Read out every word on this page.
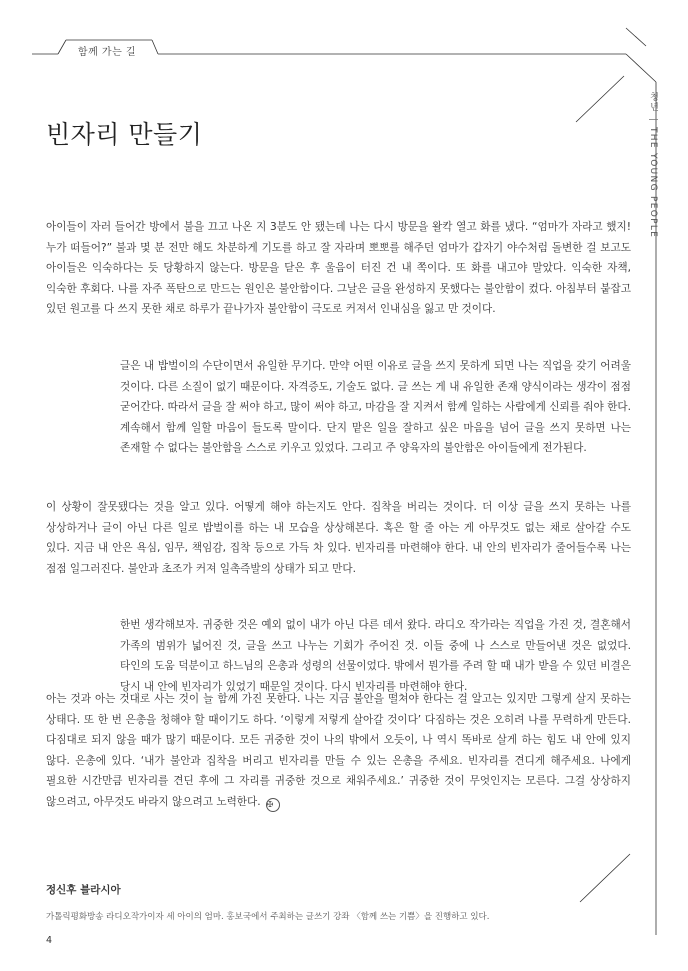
함께 가는 길
청년|THE YOUNG PEOPLE
빈자리 만들기

아이들이 자러 들어간 방에서 불을 끄고 나온 지 3분도 안 됐는데 나는 다시 방문을 왈칵 열고 화를 냈다. “엄마가 자라고 했지! 누가 떠들어?” 불과 몇 분 전만 해도 차분하게 기도를 하고 잘 자라며 뽀뽀를 해주던 엄마가 갑자기 야수처럼 돌변한 걸 보고도 아이들은 익숙하다는 듯 당황하지 않는다. 방문을 닫은 후 울음이 터진 건 내 쪽이다. 또 화를 내고야 말았다. 익숙한 자책, 익숙한 후회다. 나를 자주 폭탄으로 만드는 원인은 불안함이다. 그날은 글을 완성하지 못했다는 불안함이 컸다. 아침부터 붙잡고 있던 원고를 다 쓰지 못한 채로 하루가 끝나가자 불안함이 극도로 커져서 인내심을 잃고 만 것이다.

글은 내 밥벌이의 수단이면서 유일한 무기다. 만약 어떤 이유로 글을 쓰지 못하게 되면 나는 직업을 갖기 어려울 것이다. 다른 소질이 없기 때문이다. 자격증도, 기술도 없다. 글 쓰는 게 내 유일한 존재 양식이라는 생각이 점점 굳어간다. 따라서 글을 잘 써야 하고, 많이 써야 하고, 마감을 잘 지켜서 함께 일하는 사람에게 신뢰를 줘야 한다. 계속해서 함께 일할 마음이 들도록 말이다. 단지 맡은 일을 잘하고 싶은 마음을 넘어 글을 쓰지 못하면 나는 존재할 수 없다는 불안함을 스스로 키우고 있었다. 그리고 주 양육자의 불안함은 아이들에게 전가된다.

이 상황이 잘못됐다는 것을 알고 있다. 어떻게 해야 하는지도 안다. 집착을 버리는 것이다. 더 이상 글을 쓰지 못하는 나를 상상하거나 글이 아닌 다른 일로 밥벌이를 하는 내 모습을 상상해본다. 혹은 할 줄 아는 게 아무것도 없는 채로 살아갈 수도 있다. 지금 내 안은 욕심, 임무, 책임감, 집착 등으로 가득 차 있다. 빈자리를 마련해야 한다. 내 안의 빈자리가 줄어들수록 나는 점점 일그러진다. 불안과 초조가 커져 일촉즉발의 상태가 되고 만다.

한번 생각해보자. 귀중한 것은 예외 없이 내가 아닌 다른 데서 왔다. 라디오 작가라는 직업을 가진 것, 결혼해서 가족의 범위가 넓어진 것, 글을 쓰고 나누는 기회가 주어진 것. 이들 중에 나 스스로 만들어낸 것은 없었다. 타인의 도움 덕분이고 하느님의 은총과 성령의 선물이었다. 밖에서 뭔가를 주려 할 때 내가 받을 수 있던 비결은 당시 내 안에 빈자리가 있었기 때문일 것이다. 다시 빈자리를 마련해야 한다.

아는 것과 아는 것대로 사는 것이 늘 함께 가진 못한다. 나는 지금 불안을 떨쳐야 한다는 걸 알고는 있지만 그렇게 살지 못하는 상태다. 또 한 번 은총을 청해야 할 때이기도 하다. ‘이렇게 저렇게 살아갈 것이다’ 다짐하는 것은 오히려 나를 무력하게 만든다. 다짐대로 되지 않을 때가 많기 때문이다. 모든 귀중한 것이 나의 밖에서 오듯이, 나 역시 똑바로 살게 하는 힘도 내 안에 있지 않다. 은총에 있다. ‘내가 불안과 집착을 버리고 빈자리를 만들 수 있는 은총을 주세요. 빈자리를 견디게 해주세요. 나에게 필요한 시간만큼 빈자리를 견딘 후에 그 자리를 귀중한 것으로 채워주세요.’ 귀중한 것이 무엇인지는 모른다. 그걸 상상하지 않으려고, 아무것도 바라지 않으려고 노력한다. ✠

정신후 블라시아

가톨릭평화방송 라디오작가이자 세 아이의 엄마. 홍보국에서 주최하는 글쓰기 강좌 〈함께 쓰는 기쁨〉을 진행하고 있다.

4
